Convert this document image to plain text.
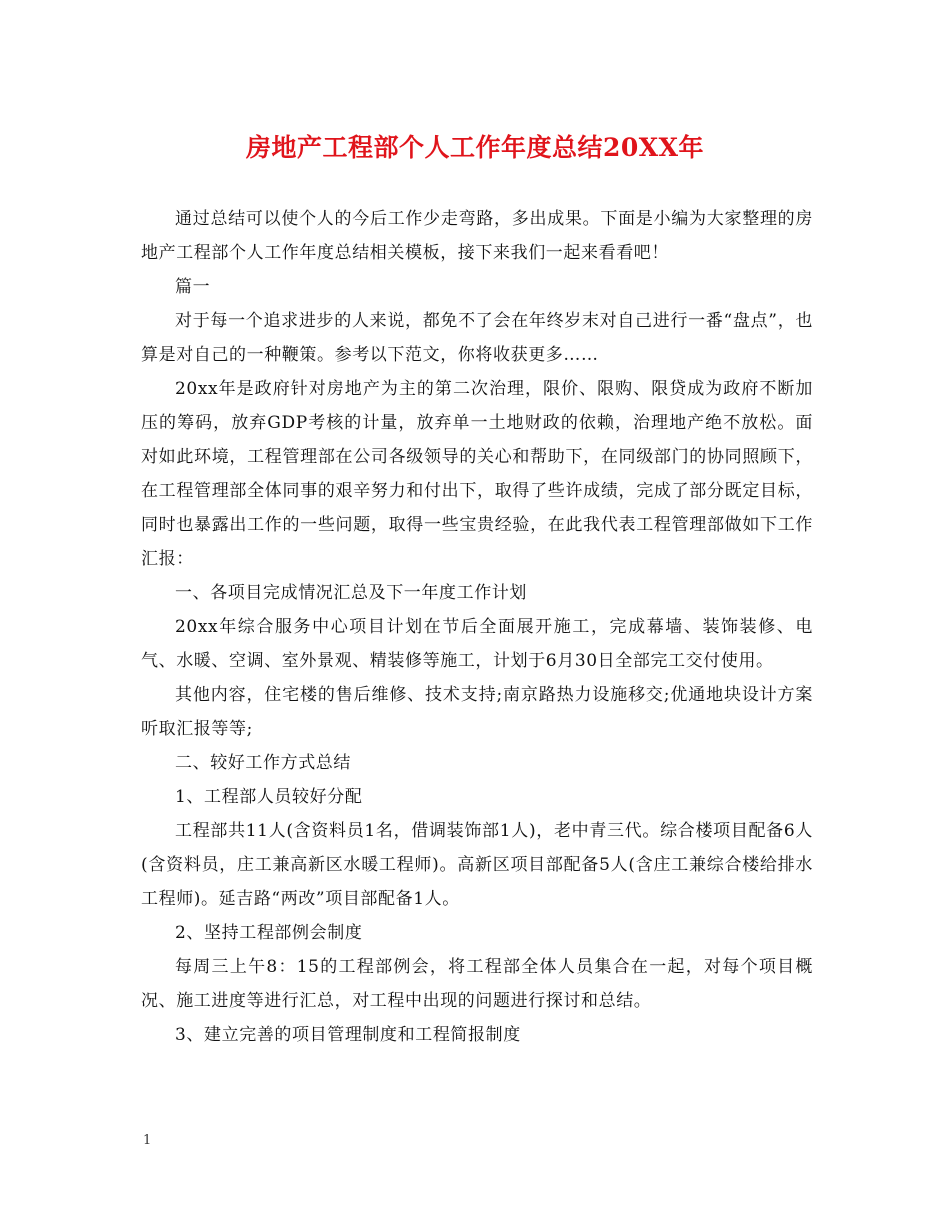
房地产工程部个人工作年度总结20XX年

通过总结可以使个人的今后工作少走弯路，多出成果。下面是小编为大家整理的房地产工程部个人工作年度总结相关模板，接下来我们一起来看看吧！

篇一

对于每一个追求进步的人来说，都免不了会在年终岁末对自己进行一番“盘点”，也算是对自己的一种鞭策。参考以下范文，你将收获更多……

20xx年是政府针对房地产为主的第二次治理，限价、限购、限贷成为政府不断加压的筹码，放弃GDP考核的计量，放弃单一土地财政的依赖，治理地产绝不放松。面对如此环境，工程管理部在公司各级领导的关心和帮助下，在同级部门的协同照顾下，在工程管理部全体同事的艰辛努力和付出下，取得了些许成绩，完成了部分既定目标，同时也暴露出工作的一些问题，取得一些宝贵经验，在此我代表工程管理部做如下工作汇报：

一、各项目完成情况汇总及下一年度工作计划

20xx年综合服务中心项目计划在节后全面展开施工，完成幕墙、装饰装修、电气、水暖、空调、室外景观、精装修等施工，计划于6月30日全部完工交付使用。

其他内容，住宅楼的售后维修、技术支持;南京路热力设施移交;优通地块设计方案听取汇报等等;

二、较好工作方式总结

1、工程部人员较好分配

工程部共11人(含资料员1名，借调装饰部1人)，老中青三代。综合楼项目配备6人(含资料员，庄工兼高新区水暖工程师)。高新区项目部配备5人(含庄工兼综合楼给排水工程师)。延吉路“两改”项目部配备1人。

2、坚持工程部例会制度

每周三上午8：15的工程部例会，将工程部全体人员集合在一起，对每个项目概况、施工进度等进行汇总，对工程中出现的问题进行探讨和总结。

3、建立完善的项目管理制度和工程简报制度

1
